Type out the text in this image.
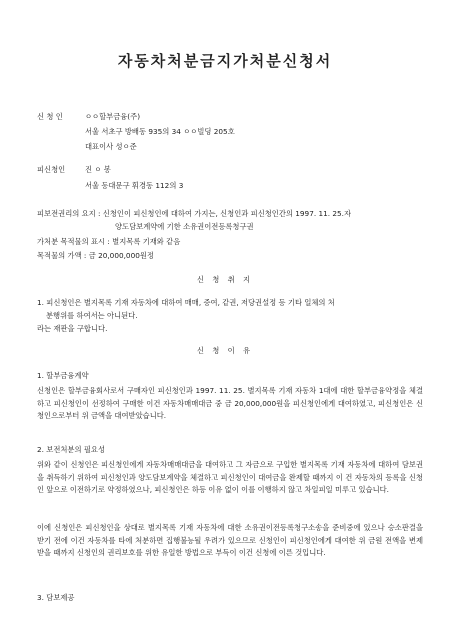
자동차처분금지가처분신청서
신 청 인	ㅇㅇ할부금융(주)
서울 서초구 방배동 935의 34 ㅇㅇ빌딩 205호
대표이사 성ㅇ준
피신청인	진 ㅇ 봉
서울 동대문구 휘경동 112의 3
피보전권리의 요지 : 신청인이 피신청인에 대하여 가지는, 신청인과 피신청인간의 1997. 11. 25.자
양도담보계약에 기한 소유권이전등록청구권
가처분 목적물의 표시 : 별지목록 기재와 같음
목적물의 가액 : 금 20,000,000원정
신 청 취 지
1. 피신청인은 별지목록 기재 자동차에 대하여 매매, 증여, 같권, 저당권설정 등 기타 일체의 처
분행위를 하여서는 아니된다.
라는 재판을 구합니다.
신 청 이 유
1. 할부금융계약
신청인은 할부금융회사로서 구매자인 피신청인과 1997. 11. 25. 별지목록 기재 자동차 1대에 대한 할부금융약정을 체결하고 피신청인이 선정하여 구매한 이건 자동차매매대금 중 금 20,000,000원을 피신청인에게 대여하였고, 피신청인은 신청인으로부터 위 금액을 대여받았습니다.
2. 보전처분의 필요성
위와 같이 신청인은 피신청인에게 자동차매매대금을 대여하고 그 자금으로 구입한 별지목록 기재 자동차에 대하여 담보권을 취득하기 위하여 피신청인과 양도담보계약을 체결하고 피신청인이 대여금을 완제할 때까지 이 건 자동차의 등록을 신청인 앞으로 이전하기로 약정하였으나, 피신청인은 하등 이유 없이 이를 이행하지 않고 차일피일 미루고 있습니다.
이에 신청인은 피신청인을 상대로 별지목록 기재 자동차에 대한 소유권이전등록청구소송을 준비중에 있으나 승소판결을 받기 전에 이건 자동차를 타에 처분하면 집행불능될 우려가 있으므로 신청인이 피신청인에게 대여한 위 금원 전액을 변제받을 때까지 신청인의 권리보호를 위한 유일한 방법으로 부득이 이건 신청에 이른 것입니다.
3. 담보제공
